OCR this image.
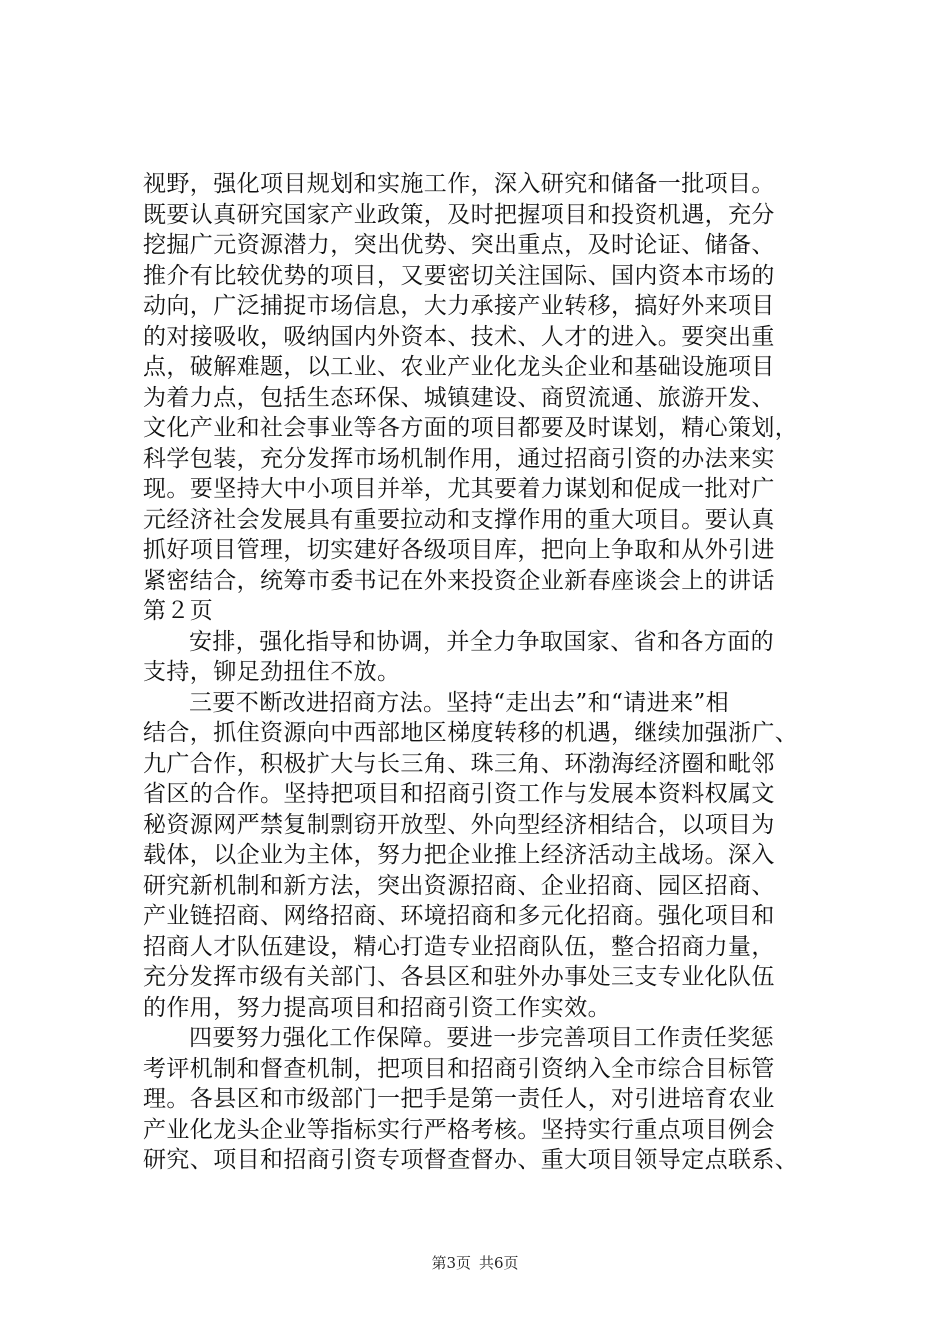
视野，强化项目规划和实施工作，深入研究和储备一批项目。
既要认真研究国家产业政策，及时把握项目和投资机遇，充分
挖掘广元资源潜力，突出优势、突出重点，及时论证、储备、
推介有比较优势的项目，又要密切关注国际、国内资本市场的
动向，广泛捕捉市场信息，大力承接产业转移，搞好外来项目
的对接吸收，吸纳国内外资本、技术、人才的进入。要突出重
点，破解难题，以工业、农业产业化龙头企业和基础设施项目
为着力点，包括生态环保、城镇建设、商贸流通、旅游开发、
文化产业和社会事业等各方面的项目都要及时谋划，精心策划，
科学包装，充分发挥市场机制作用，通过招商引资的办法来实
现。要坚持大中小项目并举，尤其要着力谋划和促成一批对广
元经济社会发展具有重要拉动和支撑作用的重大项目。要认真
抓好项目管理，切实建好各级项目库，把向上争取和从外引进
紧密结合，统筹市委书记在外来投资企业新春座谈会上的讲话
第２页
安排，强化指导和协调，并全力争取国家、省和各方面的
支持，铆足劲扭住不放。
三要不断改进招商方法。坚持“走出去”和“请进来”相
结合，抓住资源向中西部地区梯度转移的机遇，继续加强浙广、
九广合作，积极扩大与长三角、珠三角、环渤海经济圈和毗邻
省区的合作。坚持把项目和招商引资工作与发展本资料权属文
秘资源网严禁复制剽窃开放型、外向型经济相结合，以项目为
载体，以企业为主体，努力把企业推上经济活动主战场。深入
研究新机制和新方法，突出资源招商、企业招商、园区招商、
产业链招商、网络招商、环境招商和多元化招商。强化项目和
招商人才队伍建设，精心打造专业招商队伍，整合招商力量，
充分发挥市级有关部门、各县区和驻外办事处三支专业化队伍
的作用，努力提高项目和招商引资工作实效。
四要努力强化工作保障。要进一步完善项目工作责任奖惩
考评机制和督查机制，把项目和招商引资纳入全市综合目标管
理。各县区和市级部门一把手是第一责任人，对引进培育农业
产业化龙头企业等指标实行严格考核。坚持实行重点项目例会
研究、项目和招商引资专项督查督办、重大项目领导定点联系、
第3页 共6页
